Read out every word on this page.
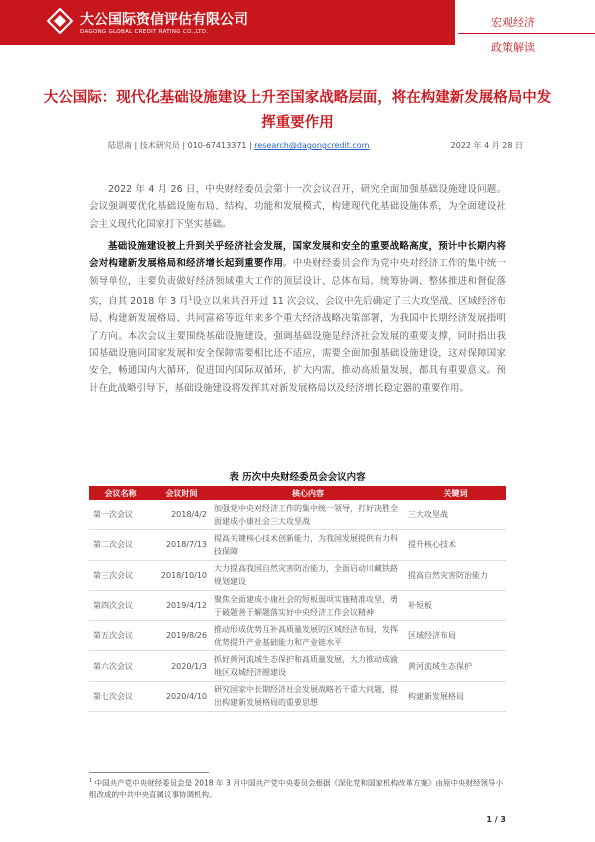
大公国际资信评估有限公司
DAGONG GLOBAL CREDIT RATING CO.,LTD.
宏观经济
政策解读
大公国际：现代化基础设施建设上升至国家战略层面，将在构建新发展格局中发挥重要作用
陆思南 | 技术研究员 | 010-67413371 | research@dagongcredit.com	2022 年 4 月 28 日

2022 年 4 月 26 日，中央财经委员会第十一次会议召开，研究全面加强基础设施建设问题。会议强调要优化基础设施布局、结构、功能和发展模式，构建现代化基础设施体系，为全面建设社会主义现代化国家打下坚实基础。

基础设施建设被上升到关乎经济社会发展，国家发展和安全的重要战略高度，预计中长期内将会对构建新发展格局和经济增长起到重要作用。中央财经委员会作为党中央对经济工作的集中统一领导单位，主要负责做好经济领域重大工作的顶层设计、总体布局、统筹协调、整体推进和督促落实，自其 2018 年 3 月$^1$设立以来共召开过 11 次会议，会议中先后确定了三大攻坚战、区域经济布局、构建新发展格局、共同富裕等近年来多个重大经济战略决策部署，为我国中长期经济发展指明了方向。本次会议主要围绕基础设施建设，强调基础设施是经济社会发展的重要支撑，同时指出我国基础设施同国家发展和安全保障需要相比还不适应，需要全面加强基础设施建设，这对保障国家安全，畅通国内大循环，促进国内国际双循环，扩大内需，推动高质量发展，都具有重要意义。预计在此战略引导下，基础设施建设将发挥其对新发展格局以及经济增长稳定器的重要作用。

表 历次中央财经委员会会议内容
会议名称	会议时间	核心内容	关键词
第一次会议	2018/4/2	加强党中央对经济工作的集中统一领导，打好决胜全面建成小康社会三大攻坚战	三大攻坚战
第二次会议	2018/7/13	提高关键核心技术创新能力，为我国发展提供有力科技保障	提升核心技术
第三次会议	2018/10/10	大力提高我国自然灾害防治能力，全面启动川藏铁路规划建设	提高自然灾害防治能力
第四次会议	2019/4/12	聚焦全面建成小康社会的短板弱项实施精准攻坚，勇于破题善于解题落实好中央经济工作会议精神	补短板
第五次会议	2019/8/26	推动形成优势互补高质量发展的区域经济布局，发挥优势提升产业基础能力和产业链水平	区域经济布局
第六次会议	2020/1/3	抓好黄河流域生态保护和高质量发展，大力推动成渝地区双城经济圈建设	黄河流域生态保护
第七次会议	2020/4/10	研究国家中长期经济社会发展战略若干重大问题，提出构建新发展格局的重要思想	构建新发展格局
$^1$ 中国共产党中央财经委员会是 2018 年 3 月中国共产党中央委员会根据《深化党和国家机构改革方案》由原中央财经领导小组改成的中共中央直属议事协调机构。
1 / 3
